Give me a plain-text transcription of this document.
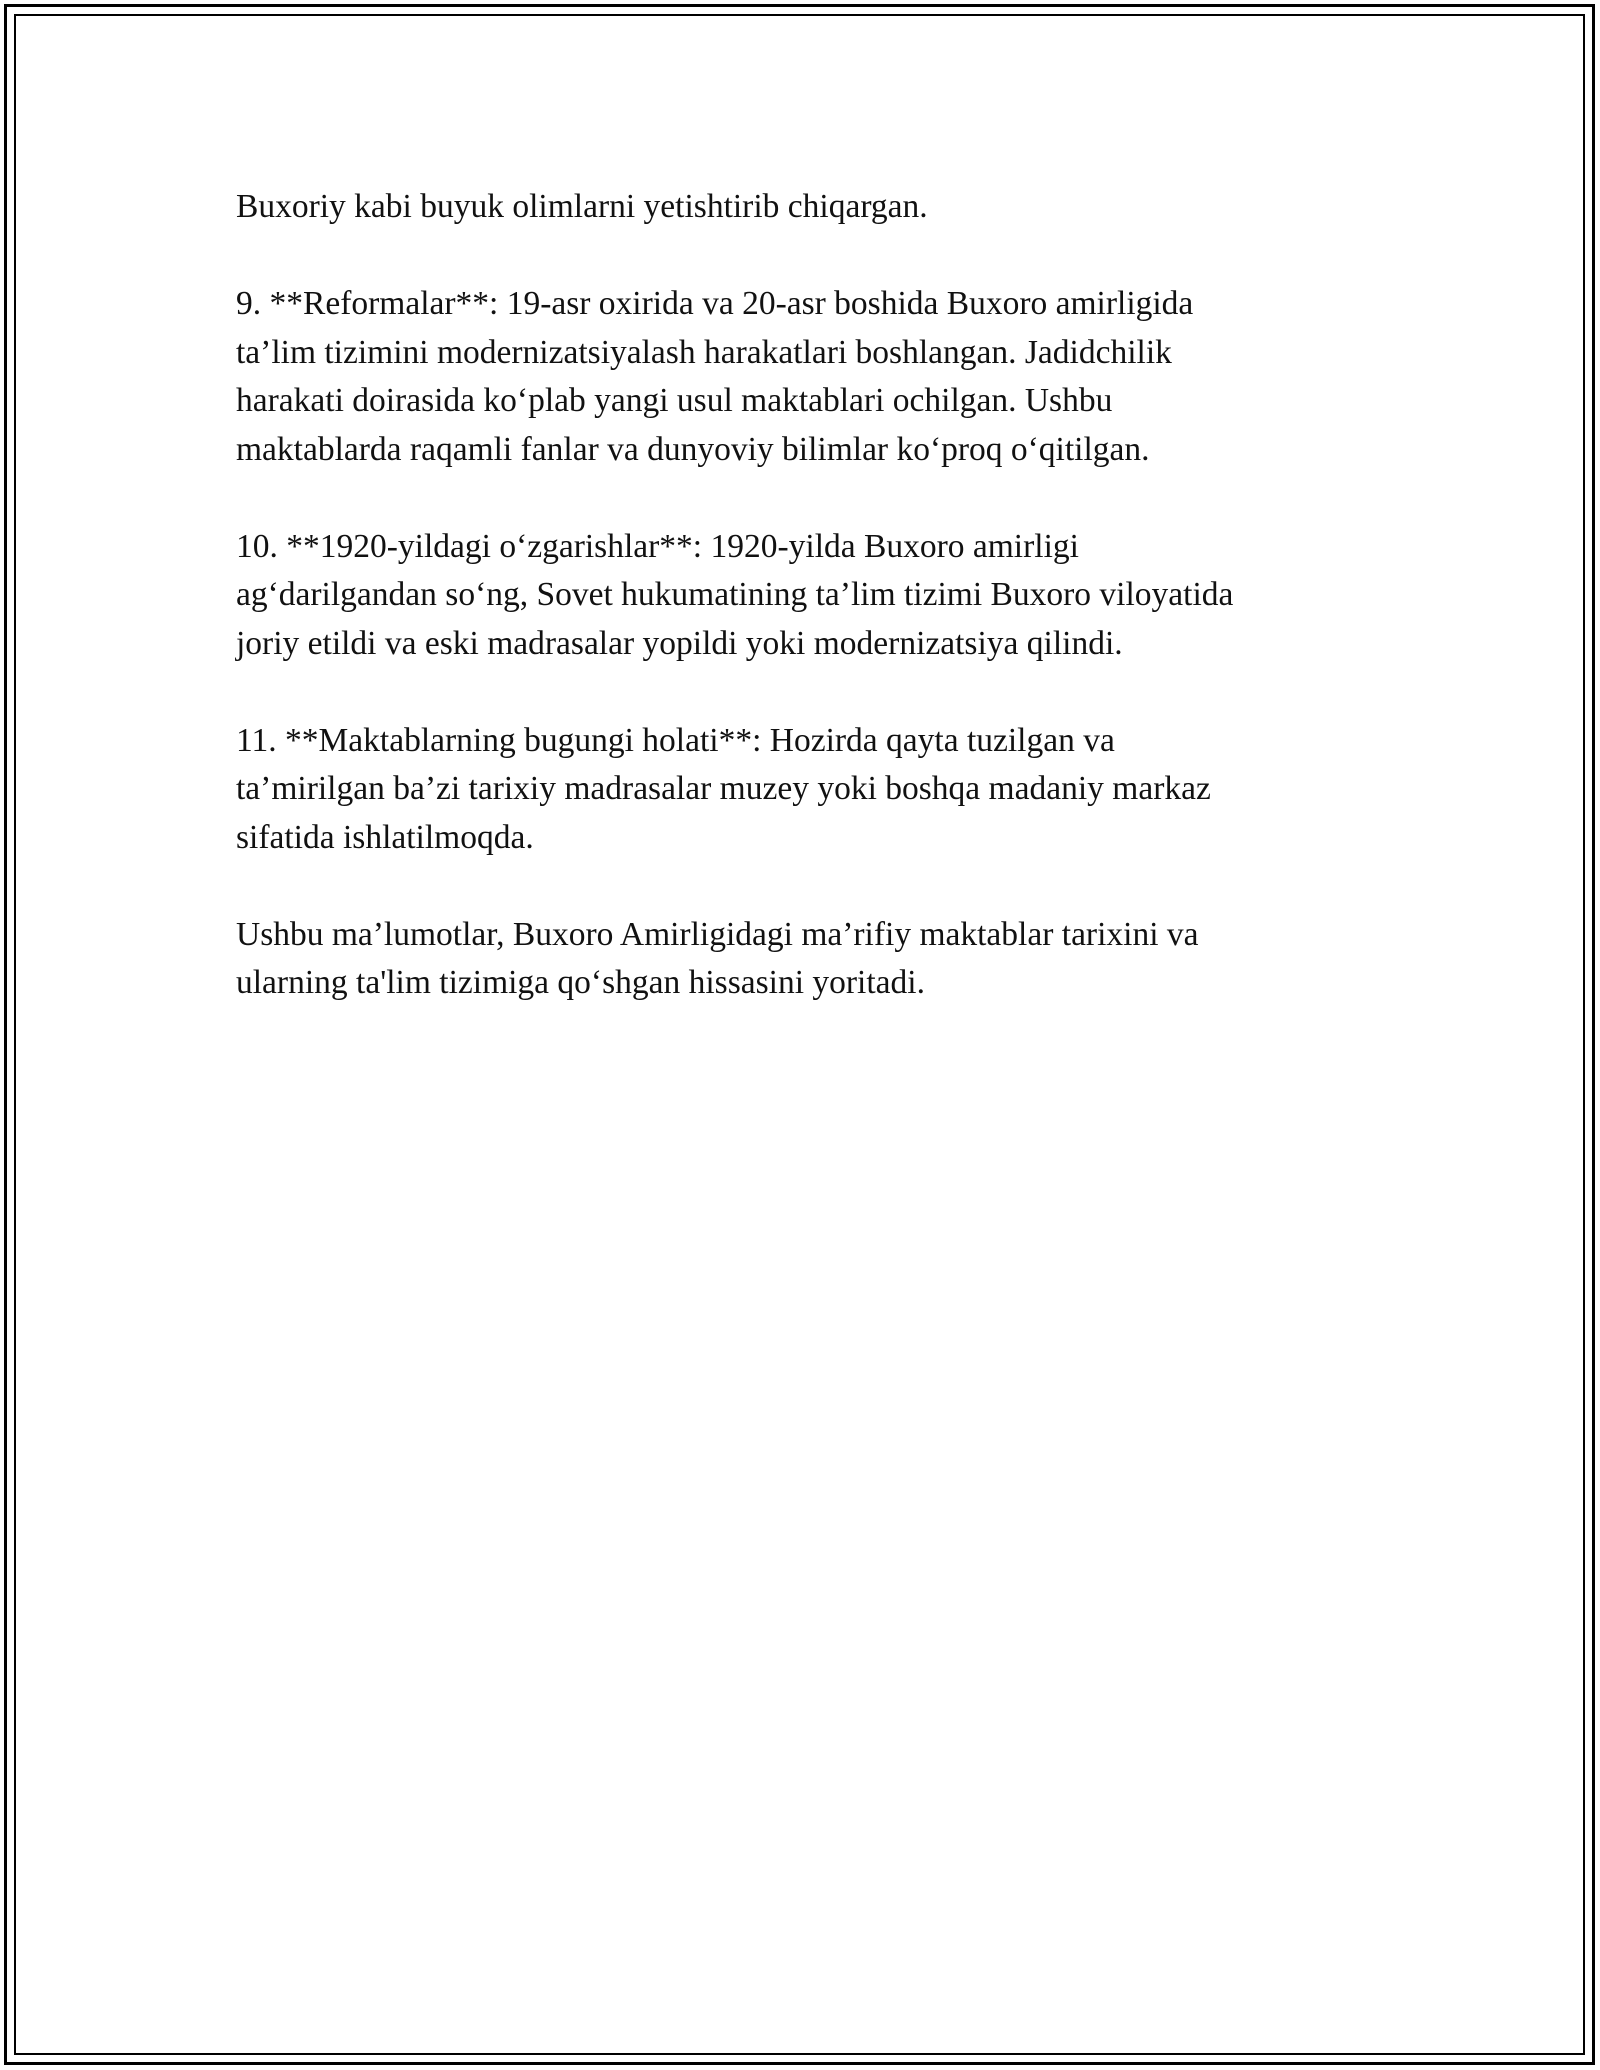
Buxoriy kabi buyuk olimlarni yetishtirib chiqargan.

9. **Reformalar**: 19-asr oxirida va 20-asr boshida Buxoro amirligida
ta’lim tizimini modernizatsiyalash harakatlari boshlangan. Jadidchilik
harakati doirasida koʻplab yangi usul maktablari ochilgan. Ushbu
maktablarda raqamli fanlar va dunyoviy bilimlar koʻproq oʻqitilgan.

10. **1920-yildagi oʻzgarishlar**: 1920-yilda Buxoro amirligi
agʻdarilgandan soʻng, Sovet hukumatining ta’lim tizimi Buxoro viloyatida
joriy etildi va eski madrasalar yopildi yoki modernizatsiya qilindi.

11. **Maktablarning bugungi holati**: Hozirda qayta tuzilgan va
ta’mirilgan ba’zi tarixiy madrasalar muzey yoki boshqa madaniy markaz
sifatida ishlatilmoqda.

Ushbu ma’lumotlar, Buxoro Amirligidagi ma’rifiy maktablar tarixini va
ularning ta'lim tizimiga qoʻshgan hissasini yoritadi.
